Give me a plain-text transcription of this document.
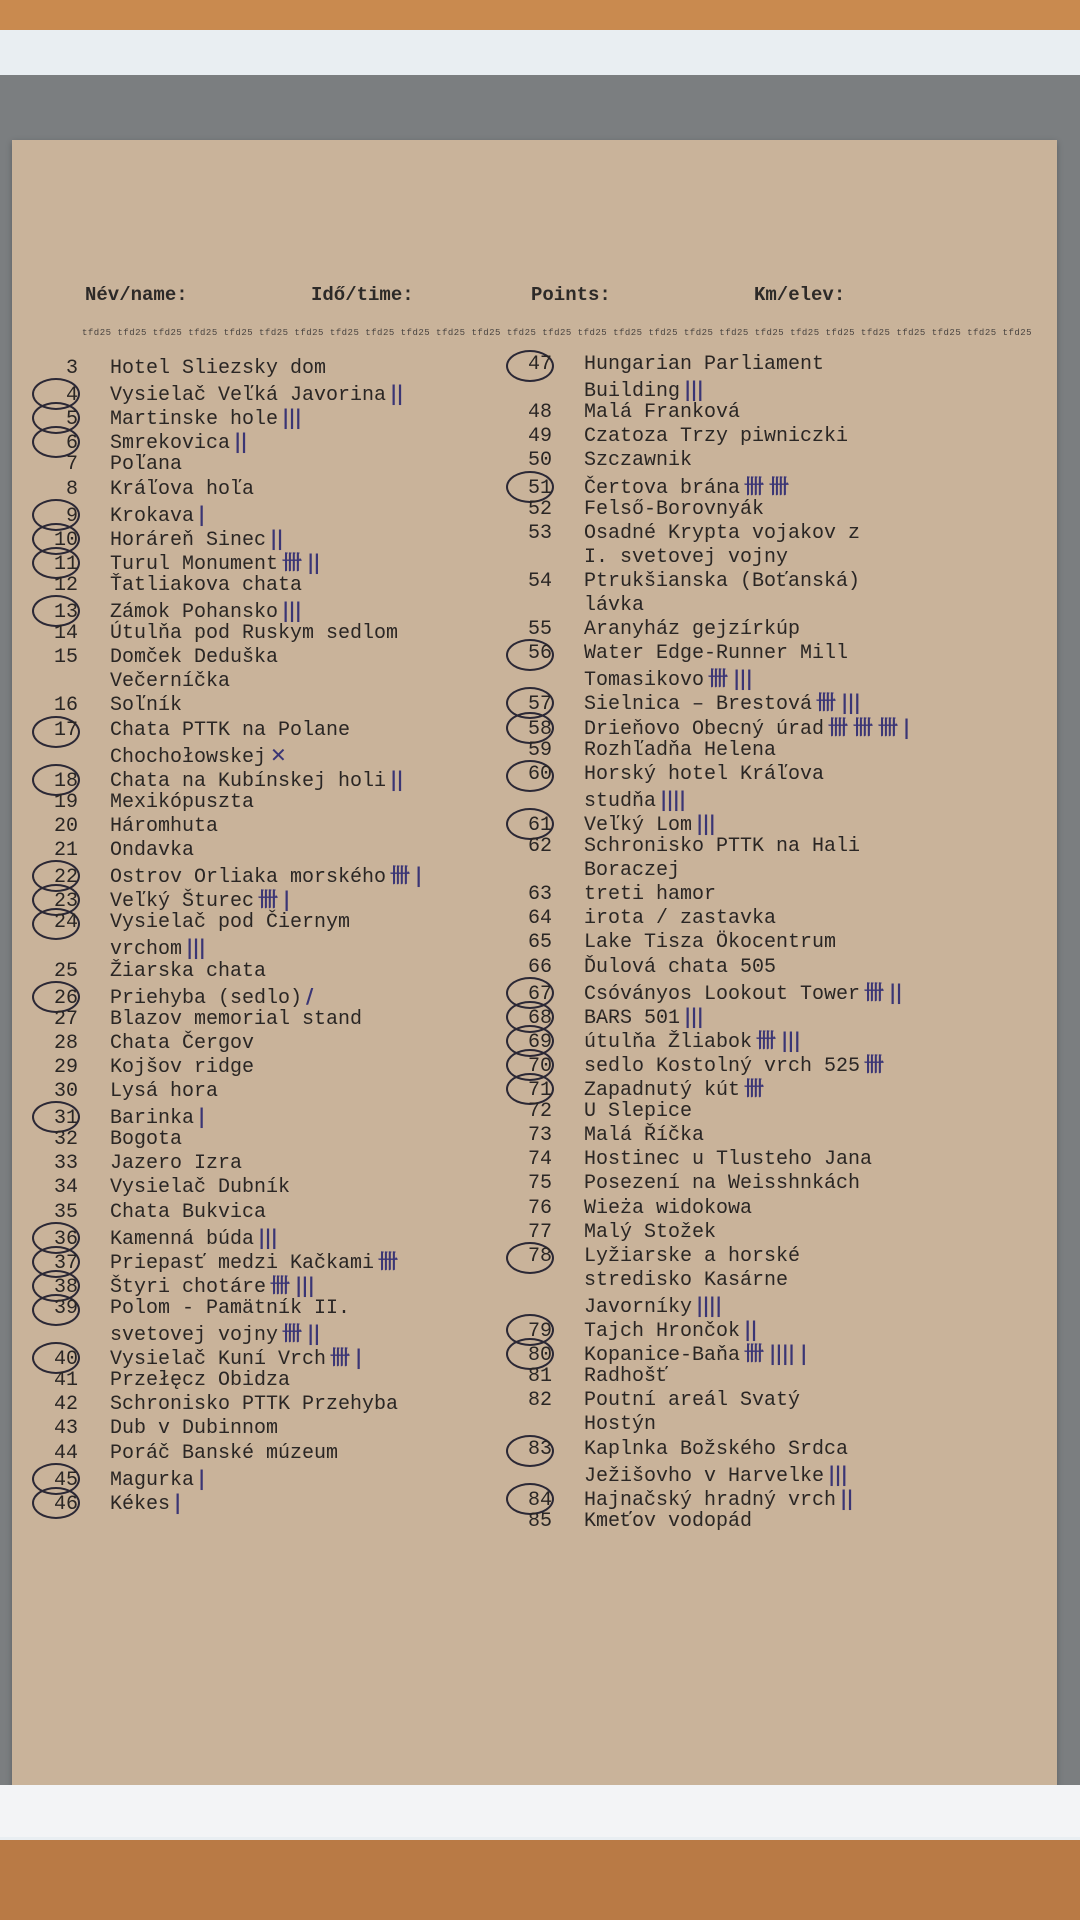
Név/name:	Idő/time:	Points:	Km/elev:
tfd25 tfd25 tfd25 tfd25 tfd25 tfd25 tfd25 tfd25 tfd25 tfd25 tfd25 tfd25 tfd25 tfd25 tfd25 tfd25 tfd25 tfd25 tfd25 tfd25 tfd25 tfd25 tfd25 tfd25 tfd25 tfd25 tfd25
3 Hotel Sliezsky dom
4 Vysielač Veľká Javorina ||
5 Martinske hole |||
6 Smrekovica ||
7 Poľana
8 Kráľova hoľa
9 Krokava |
10 Horáreň Sinec ||
11 Turul Monument 卌 ||
12 Ťatliakova chata
13 Zámok Pohansko |||
14 Útulňa pod Ruskym sedlom
15 Domček Deduška
Večerníčka
16 Soľník
17 Chata PTTK na Polane
Chochołowskej ✕
18 Chata na Kubínskej holi ||
19 Mexikópuszta
20 Háromhuta
21 Ondavka
22 Ostrov Orliaka morského 卌 |
23 Veľký Šturec 卌 |
24 Vysielač pod Čiernym
vrchom |||
25 Žiarska chata
26 Priehyba (sedlo) /
27 Blazov memorial stand
28 Chata Čergov
29 Kojšov ridge
30 Lysá hora
31 Barinka |
32 Bogota
33 Jazero Izra
34 Vysielač Dubník
35 Chata Bukvica
36 Kamenná búda |||
37 Priepasť medzi Kačkami 卌
38 Štyri chotáre 卌 |||
39 Polom - Pamätník II.
svetovej vojny 卌 ||
40 Vysielač Kuní Vrch 卌 |
41 Przełęcz Obidza
42 Schronisko PTTK Przehyba
43 Dub v Dubinnom
44 Poráč Banské múzeum
45 Magurka |
46 Kékes |
47 Hungarian Parliament
Building |||
48 Malá Franková
49 Czatoza Trzy piwniczki
50 Szczawnik
51 Čertova brána 卌 卌
52 Felső-Borovnyák
53 Osadné Krypta vojakov z
I. svetovej vojny
54 Ptrukšianska (Boťanská)
lávka
55 Aranyház gejzírkúp
56 Water Edge-Runner Mill
Tomasikovo 卌 |||
57 Sielnica – Brestová 卌 |||
58 Drieňovo Obecný úrad 卌 卌 卌 |
59 Rozhľadňa Helena
60 Horský hotel Kráľova
studňa ||||
61 Veľký Lom |||
62 Schronisko PTTK na Hali
Boraczej
63 treti hamor
64 irota / zastavka
65 Lake Tisza Ökocentrum
66 Ďulová chata 505
67 Csóványos Lookout Tower 卌 ||
68 BARS 501 |||
69 útulňa Žliabok 卌 |||
70 sedlo Kostolný vrch 525 卌
71 Zapadnutý kút 卌
72 U Slepice
73 Malá Říčka
74 Hostinec u Tlusteho Jana
75 Posezení na Weisshnkách
76 Wieża widokowa
77 Malý Stožek
78 Lyžiarske a horské
stredisko Kasárne
Javorníky ||||
79 Tajch Hrončok ||
80 Kopanice-Baňa 卌 |||| |
81 Radhošť
82 Poutní areál Svatý
Hostýn
83 Kaplnka Božského Srdca
Ježišovho v Harvelke |||
84 Hajnačský hradný vrch ||
85 Kmeťov vodopád
